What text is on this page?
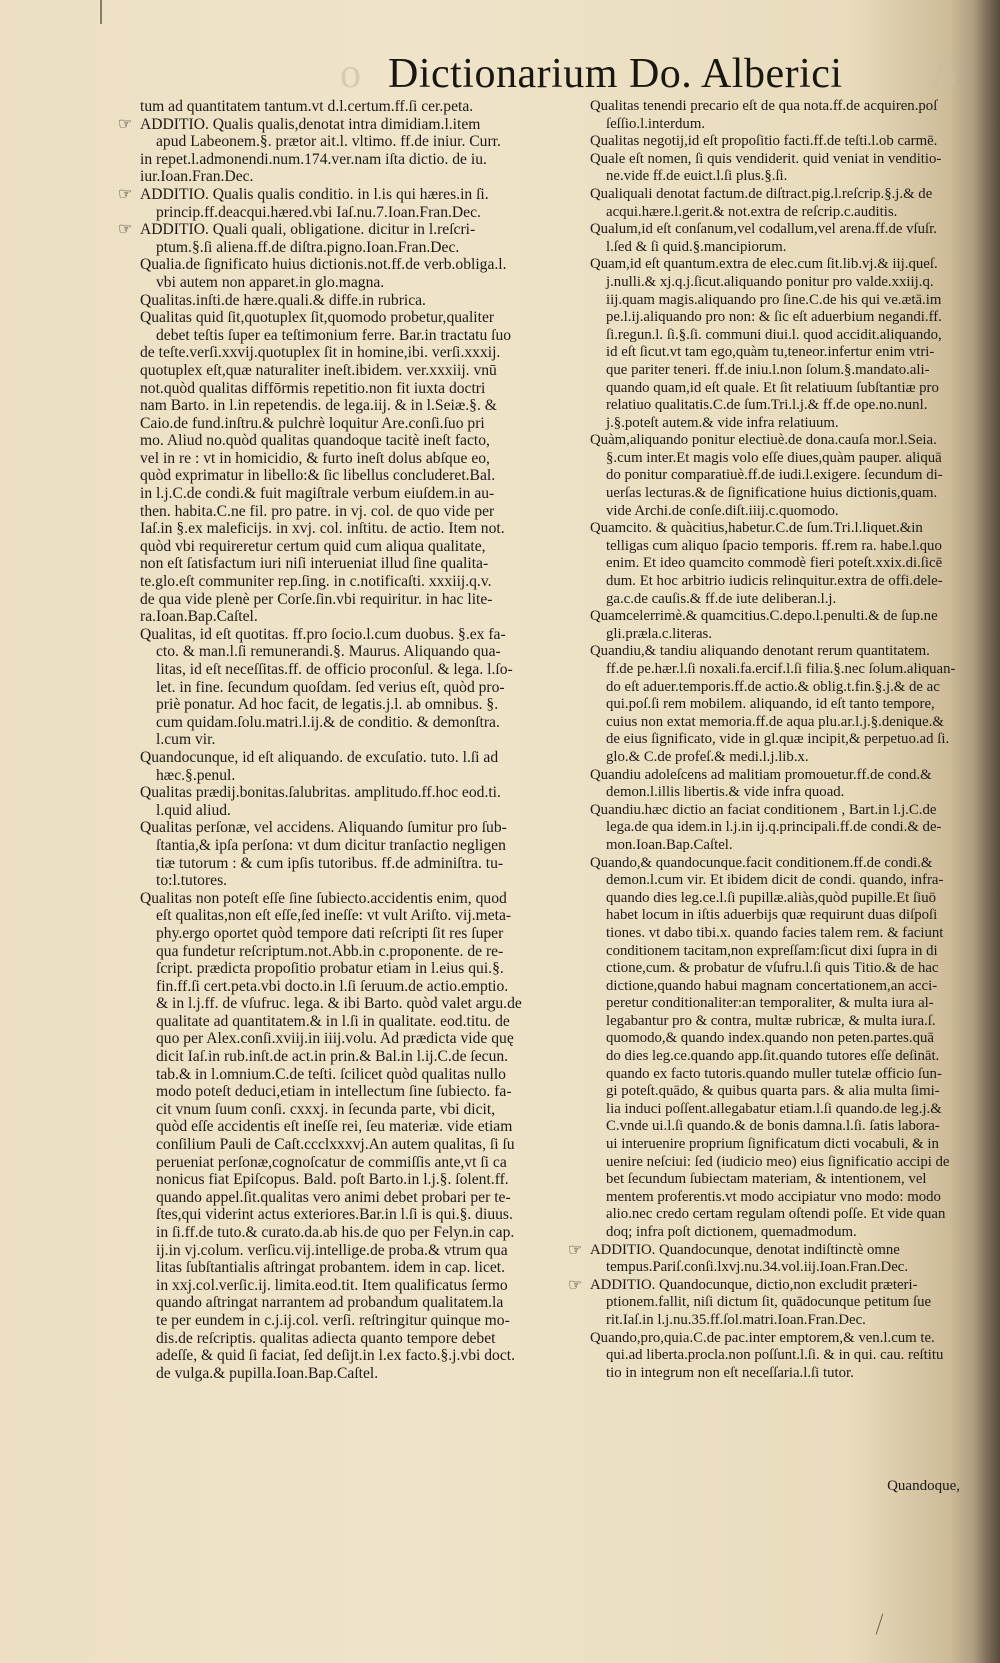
o Dictionarium Do. Alberici A
tum ad quantitatem tantum.vt d.l.certum.ff.ſi cer.peta.
☞ ADDITIO. Qualis qualis,denotat intra dimidiam.l.item
apud Labeonem.§. prætor ait.l. vltimo. ff.de iniur. Curr.
in repet.l.admonendi.num.174.ver.nam iſta dictio. de iu.
iur.Ioan.Fran.Dec.
☞ ADDITIO. Qualis qualis conditio. in l.is qui hæres.in ſi.
princip.ff.deacqui.hæred.vbi Iaſ.nu.7.Ioan.Fran.Dec.
☞ ADDITIO. Quali quali, obligatione. dicitur in l.reſcri-
ptum.§.ſi aliena.ff.de diſtra.pigno.Ioan.Fran.Dec.
Qualia.de ſignificato huius dictionis.not.ff.de verb.obliga.l.
vbi autem non apparet.in glo.magna.
Qualitas.inſti.de hære.quali.& diffe.in rubrica.
Qualitas quid ſit,quotuplex ſit,quomodo probetur,qualiter
debet teſtis ſuper ea teſtimonium ferre. Bar.in tractatu ſuo
de teſte.verſi.xxvij.quotuplex ſit in homine,ibi. verſi.xxxij.
quotuplex eſt,quæ naturaliter ineſt.ibidem. ver.xxxiij. vnū
not.quòd qualitas diffōrmis repetitio.non fit iuxta doctri
nam Barto. in l.in repetendis. de lega.iij. & in l.Seiæ.§. &
Caio.de fund.inſtru.& pulchrè loquitur Are.conſi.ſuo pri
mo. Aliud no.quòd qualitas quandoque tacitè ineſt facto,
vel in re : vt in homicidio, & furto ineſt dolus abſque eo,
quòd exprimatur in libello:& ſic libellus concluderet.Bal.
in l.j.C.de condi.& fuit magiſtrale verbum eiuſdem.in au-
then. habita.C.ne fil. pro patre. in vj. col. de quo vide per
Iaſ.in §.ex maleficijs. in xvj. col. inſtitu. de actio. Item not.
quòd vbi requireretur certum quid cum aliqua qualitate,
non eſt ſatisfactum iuri niſi interueniat illud ſine qualita-
te.glo.eſt communiter rep.ſing. in c.notificaſti. xxxiij.q.v.
de qua vide plenè per Corſe.ſin.vbi requiritur. in hac lite-
ra.Ioan.Bap.Caſtel.
Qualitas, id eſt quotitas. ff.pro ſocio.l.cum duobus. §.ex fa-
cto. & man.l.ſi remunerandi.§. Maurus. Aliquando qua-
litas, id eſt neceſſitas.ff. de officio proconſul. & lega. l.ſo-
let. in fine. ſecundum quoſdam. ſed verius eſt, quòd pro-
priè ponatur. Ad hoc facit, de legatis.j.l. ab omnibus. §.
cum quidam.ſolu.matri.l.ij.& de conditio. & demonſtra.
l.cum vir.
Quandocunque, id eſt aliquando. de excuſatio. tuto. l.ſi ad
hæc.§.penul.
Qualitas prædij.bonitas.ſalubritas. amplitudo.ff.hoc eod.ti.
l.quid aliud.
Qualitas perſonæ, vel accidens. Aliquando ſumitur pro ſub-
ſtantia,& ipſa perſona: vt dum dicitur tranſactio negligen
tiæ tutorum : & cum ipſis tutoribus. ff.de adminiſtra. tu-
to:l.tutores.
Qualitas non poteſt eſſe ſine ſubiecto.accidentis enim, quod
eſt qualitas,non eſt eſſe,ſed ineſſe: vt vult Ariſto. vij.meta-
phy.ergo oportet quòd tempore dati reſcripti ſit res ſuper
qua fundetur reſcriptum.not.Abb.in c.proponente. de re-
ſcript. prædicta propoſitio probatur etiam in l.eius qui.§.
fin.ff.ſi cert.peta.vbi docto.in l.ſi ſeruum.de actio.emptio.
& in l.j.ff. de vſufruc. lega. & ibi Barto. quòd valet argu.de
qualitate ad quantitatem.& in l.ſi in qualitate. eod.titu. de
quo per Alex.conſi.xviij.in iiij.volu. Ad prædicta vide quę
dicit Iaſ.in rub.inſt.de act.in prin.& Bal.in l.ij.C.de ſecun.
tab.& in l.omnium.C.de teſti. ſcilicet quòd qualitas nullo
modo poteſt deduci,etiam in intellectum ſine ſubiecto. fa-
cit vnum ſuum conſi. cxxxj. in ſecunda parte, vbi dicit,
quòd eſſe accidentis eſt ineſſe rei, ſeu materiæ. vide etiam
conſilium Pauli de Caſt.ccclxxxvj.An autem qualitas, ſi ſu
perueniat perſonæ,cognoſcatur de commiſſis ante,vt ſi ca
nonicus fiat Epiſcopus. Bald. poſt Barto.in l.j.§. ſolent.ff.
quando appel.ſit.qualitas vero animi debet probari per te-
ſtes,qui viderint actus exteriores.Bar.in l.ſi is qui.§. diuus.
in ſi.ff.de tuto.& curato.da.ab his.de quo per Felyn.in cap.
ij.in vj.colum. verſicu.vij.intellige.de proba.& vtrum qua
litas ſubſtantialis aſtringat probantem. idem in cap. licet.
in xxj.col.verſic.ij. limita.eod.tit. Item qualificatus ſermo
quando aſtringat narrantem ad probandum qualitatem.la
te per eundem in c.j.ij.col. verſi. reſtringitur quinque mo-
dis.de reſcriptis. qualitas adiecta quanto tempore debet
adeſſe, & quid ſi faciat, ſed deſijt.in l.ex facto.§.j.vbi doct.
de vulga.& pupilla.Ioan.Bap.Caſtel.
Qualitas tenendi precario eſt de qua nota.ff.de acquiren.poſ
ſeſſio.l.interdum.
Qualitas negotij,id eſt propoſitio facti.ff.de teſti.l.ob carmē.
Quale eſt nomen, ſi quis vendiderit. quid veniat in venditio-
ne.vide ff.de euict.l.ſi plus.§.ſi.
Qualiquali denotat factum.de diſtract.pig.l.reſcrip.§.j.& de
acqui.hære.l.gerit.& not.extra de reſcrip.c.auditis.
Qualum,id eſt conſanum,vel codallum,vel arena.ff.de vſuſr.
l.ſed & ſi quid.§.mancipiorum.
Quam,id eſt quantum.extra de elec.cum ſit.lib.vj.& iij.queſ.
j.nulli.& xj.q.j.ſicut.aliquando ponitur pro valde.xxiij.q.
iij.quam magis.aliquando pro ſine.C.de his qui ve.ætā.im
pe.l.ij.aliquando pro non: & ſic eſt aduerbium negandi.ff.
ſi.regun.l. ſi.§.ſi. communi diui.l. quod accidit.aliquando,
id eſt ſicut.vt tam ego,quàm tu,teneor.infertur enim vtri-
que pariter teneri. ff.de iniu.l.non ſolum.§.mandato.ali-
quando quam,id eſt quale. Et ſit relatiuum ſubſtantiæ pro
relatiuo qualitatis.C.de ſum.Tri.l.j.& ff.de ope.no.nunl.
j.§.poteſt autem.& vide infra relatiuum.
Quàm,aliquando ponitur electiuè.de dona.cauſa mor.l.Seia.
§.cum inter.Et magis volo eſſe diues,quàm pauper. aliquā
do ponitur comparatiuè.ff.de iudi.l.exigere. ſecundum di-
uerſas lecturas.& de ſignificatione huius dictionis,quam.
vide Archi.de conſe.diſt.iiij.c.quomodo.
Quamcito. & quàcitius,habetur.C.de ſum.Tri.l.liquet.&in
telligas cum aliquo ſpacio temporis. ff.rem ra. habe.l.quo
enim. Et ideo quamcito commodè fieri poteſt.xxix.di.ſicē
dum. Et hoc arbitrio iudicis relinquitur.extra de offi.dele-
ga.c.de cauſis.& ff.de iute deliberan.l.j.
Quamcelerrimè.& quamcitius.C.depo.l.penulti.& de ſup.ne
gli.præla.c.literas.
Quandiu,& tandiu aliquando denotant rerum quantitatem.
ff.de pe.hær.l.ſi noxali.fa.ercif.l.ſi filia.§.nec ſolum.aliquan-
do eſt aduer.temporis.ff.de actio.& oblig.t.fin.§.j.& de ac
qui.poſ.ſi rem mobilem. aliquando, id eſt tanto tempore,
cuius non extat memoria.ff.de aqua plu.ar.l.j.§.denique.&
de eius ſignificato, vide in gl.quæ incipit,& perpetuo.ad ſi.
glo.& C.de profeſ.& medi.l.j.lib.x.
Quandiu adoleſcens ad malitiam promouetur.ff.de cond.&
demon.l.illis libertis.& vide infra quoad.
Quandiu.hæc dictio an faciat conditionem , Bart.in l.j.C.de
lega.de qua idem.in l.j.in ij.q.principali.ff.de condi.& de-
mon.Ioan.Bap.Caſtel.
Quando,& quandocunque.facit conditionem.ff.de condi.&
demon.l.cum vir. Et ibidem dicit de condi. quando, infra-
quando dies leg.ce.l.ſi pupillæ.aliàs,quòd pupille.Et ſiuō
habet locum in iſtis aduerbijs quæ requirunt duas diſpoſi
tiones. vt dabo tibi.x. quando facies talem rem. & faciunt
conditionem tacitam,non expreſſam:ſicut dixi ſupra in di
ctione,cum. & probatur de vſufru.l.ſi quis Titio.& de hac
dictione,quando habui magnam concertationem,an acci-
peretur conditionaliter:an temporaliter, & multa iura al-
legabantur pro & contra, multæ rubricæ, & multa iura.ſ.
quomodo,& quando index.quando non peten.partes.quā
do dies leg.ce.quando app.ſit.quando tutores eſſe deſināt.
quando ex facto tutoris.quando muller tutelæ officio ſun-
gi poteſt.quādo, & quibus quarta pars. & alia multa ſimi-
lia induci poſſent.allegabatur etiam.l.ſi quando.de leg.j.&
C.vnde ui.l.ſi quando.& de bonis damna.l.ſi. ſatis labora-
ui interuenire proprium ſignificatum dicti vocabuli, & in
uenire neſciui: ſed (iudicio meo) eius ſignificatio accipi de
bet ſecundum ſubiectam materiam, & intentionem, vel
mentem proferentis.vt modo accipiatur vno modo: modo
alio.nec credo certam regulam oſtendi poſſe. Et vide quan
doq; infra poſt dictionem, quemadmodum.
☞ ADDITIO. Quandocunque, denotat indiſtinctè omne
tempus.Pariſ.conſi.lxvj.nu.34.vol.iij.Ioan.Fran.Dec.
☞ ADDITIO. Quandocunque, dictio,non excludit præteri-
ptionem.fallit, niſi dictum ſit, quādocunque petitum ſue
rit.Iaſ.in l.j.nu.35.ff.ſol.matri.Ioan.Fran.Dec.
Quando,pro,quia.C.de pac.inter emptorem,& ven.l.cum te.
qui.ad liberta.procla.non poſſunt.l.ſi. & in qui. cau. reſtitu
tio in integrum non eſt neceſſaria.l.ſi tutor.
Quandoque,
